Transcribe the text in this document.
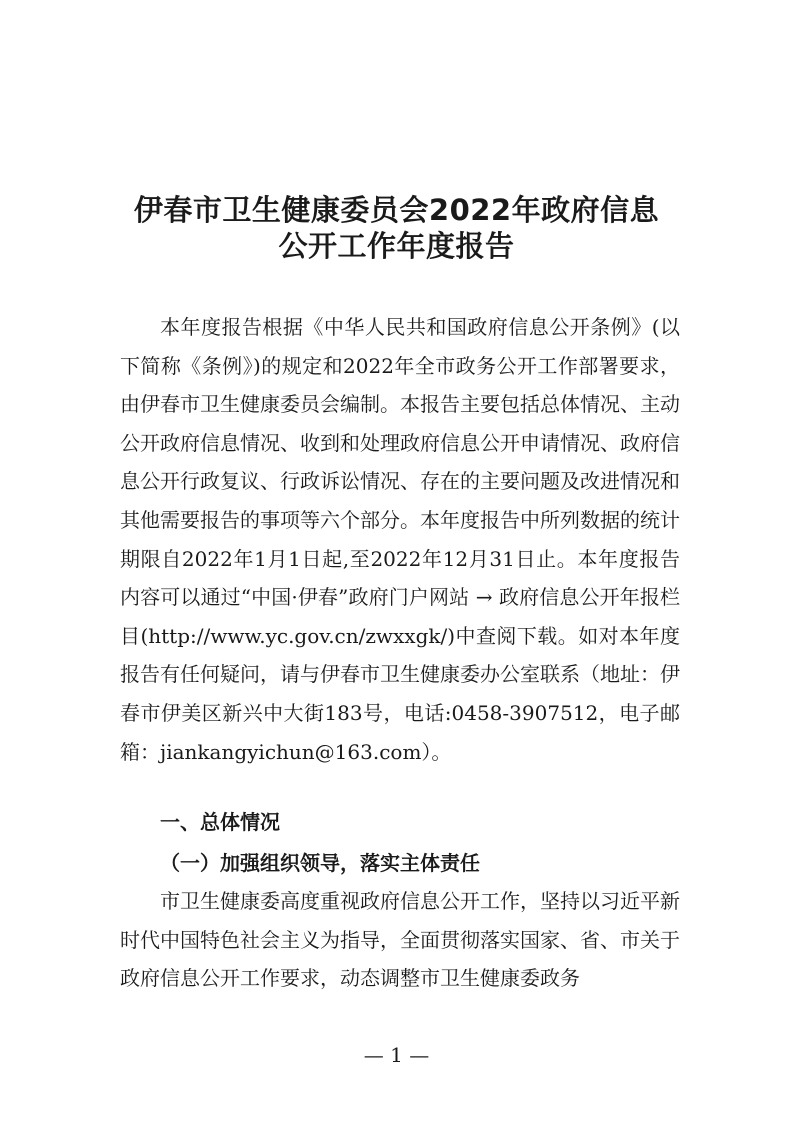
伊春市卫生健康委员会2022年政府信息
公开工作年度报告

本年度报告根据《中华人民共和国政府信息公开条例》(以下简称《条例》)的规定和2022年全市政务公开工作部署要求，由伊春市卫生健康委员会编制。本报告主要包括总体情况、主动公开政府信息情况、收到和处理政府信息公开申请情况、政府信息公开行政复议、行政诉讼情况、存在的主要问题及改进情况和其他需要报告的事项等六个部分。本年度报告中所列数据的统计期限自2022年1月1日起,至2022年12月31日止。本年度报告内容可以通过“中国·伊春”政府门户网站 → 政府信息公开年报栏目(http://www.yc.gov.cn/zwxxgk/)中查阅下载。如对本年度报告有任何疑问，请与伊春市卫生健康委办公室联系（地址：伊春市伊美区新兴中大街183号，电话:0458-3907512，电子邮箱：jiankangyichun@163.com）。

一、总体情况
（一）加强组织领导，落实主体责任

市卫生健康委高度重视政府信息公开工作，坚持以习近平新时代中国特色社会主义为指导，全面贯彻落实国家、省、市关于政府信息公开工作要求，动态调整市卫生健康委政务

— 1 —
